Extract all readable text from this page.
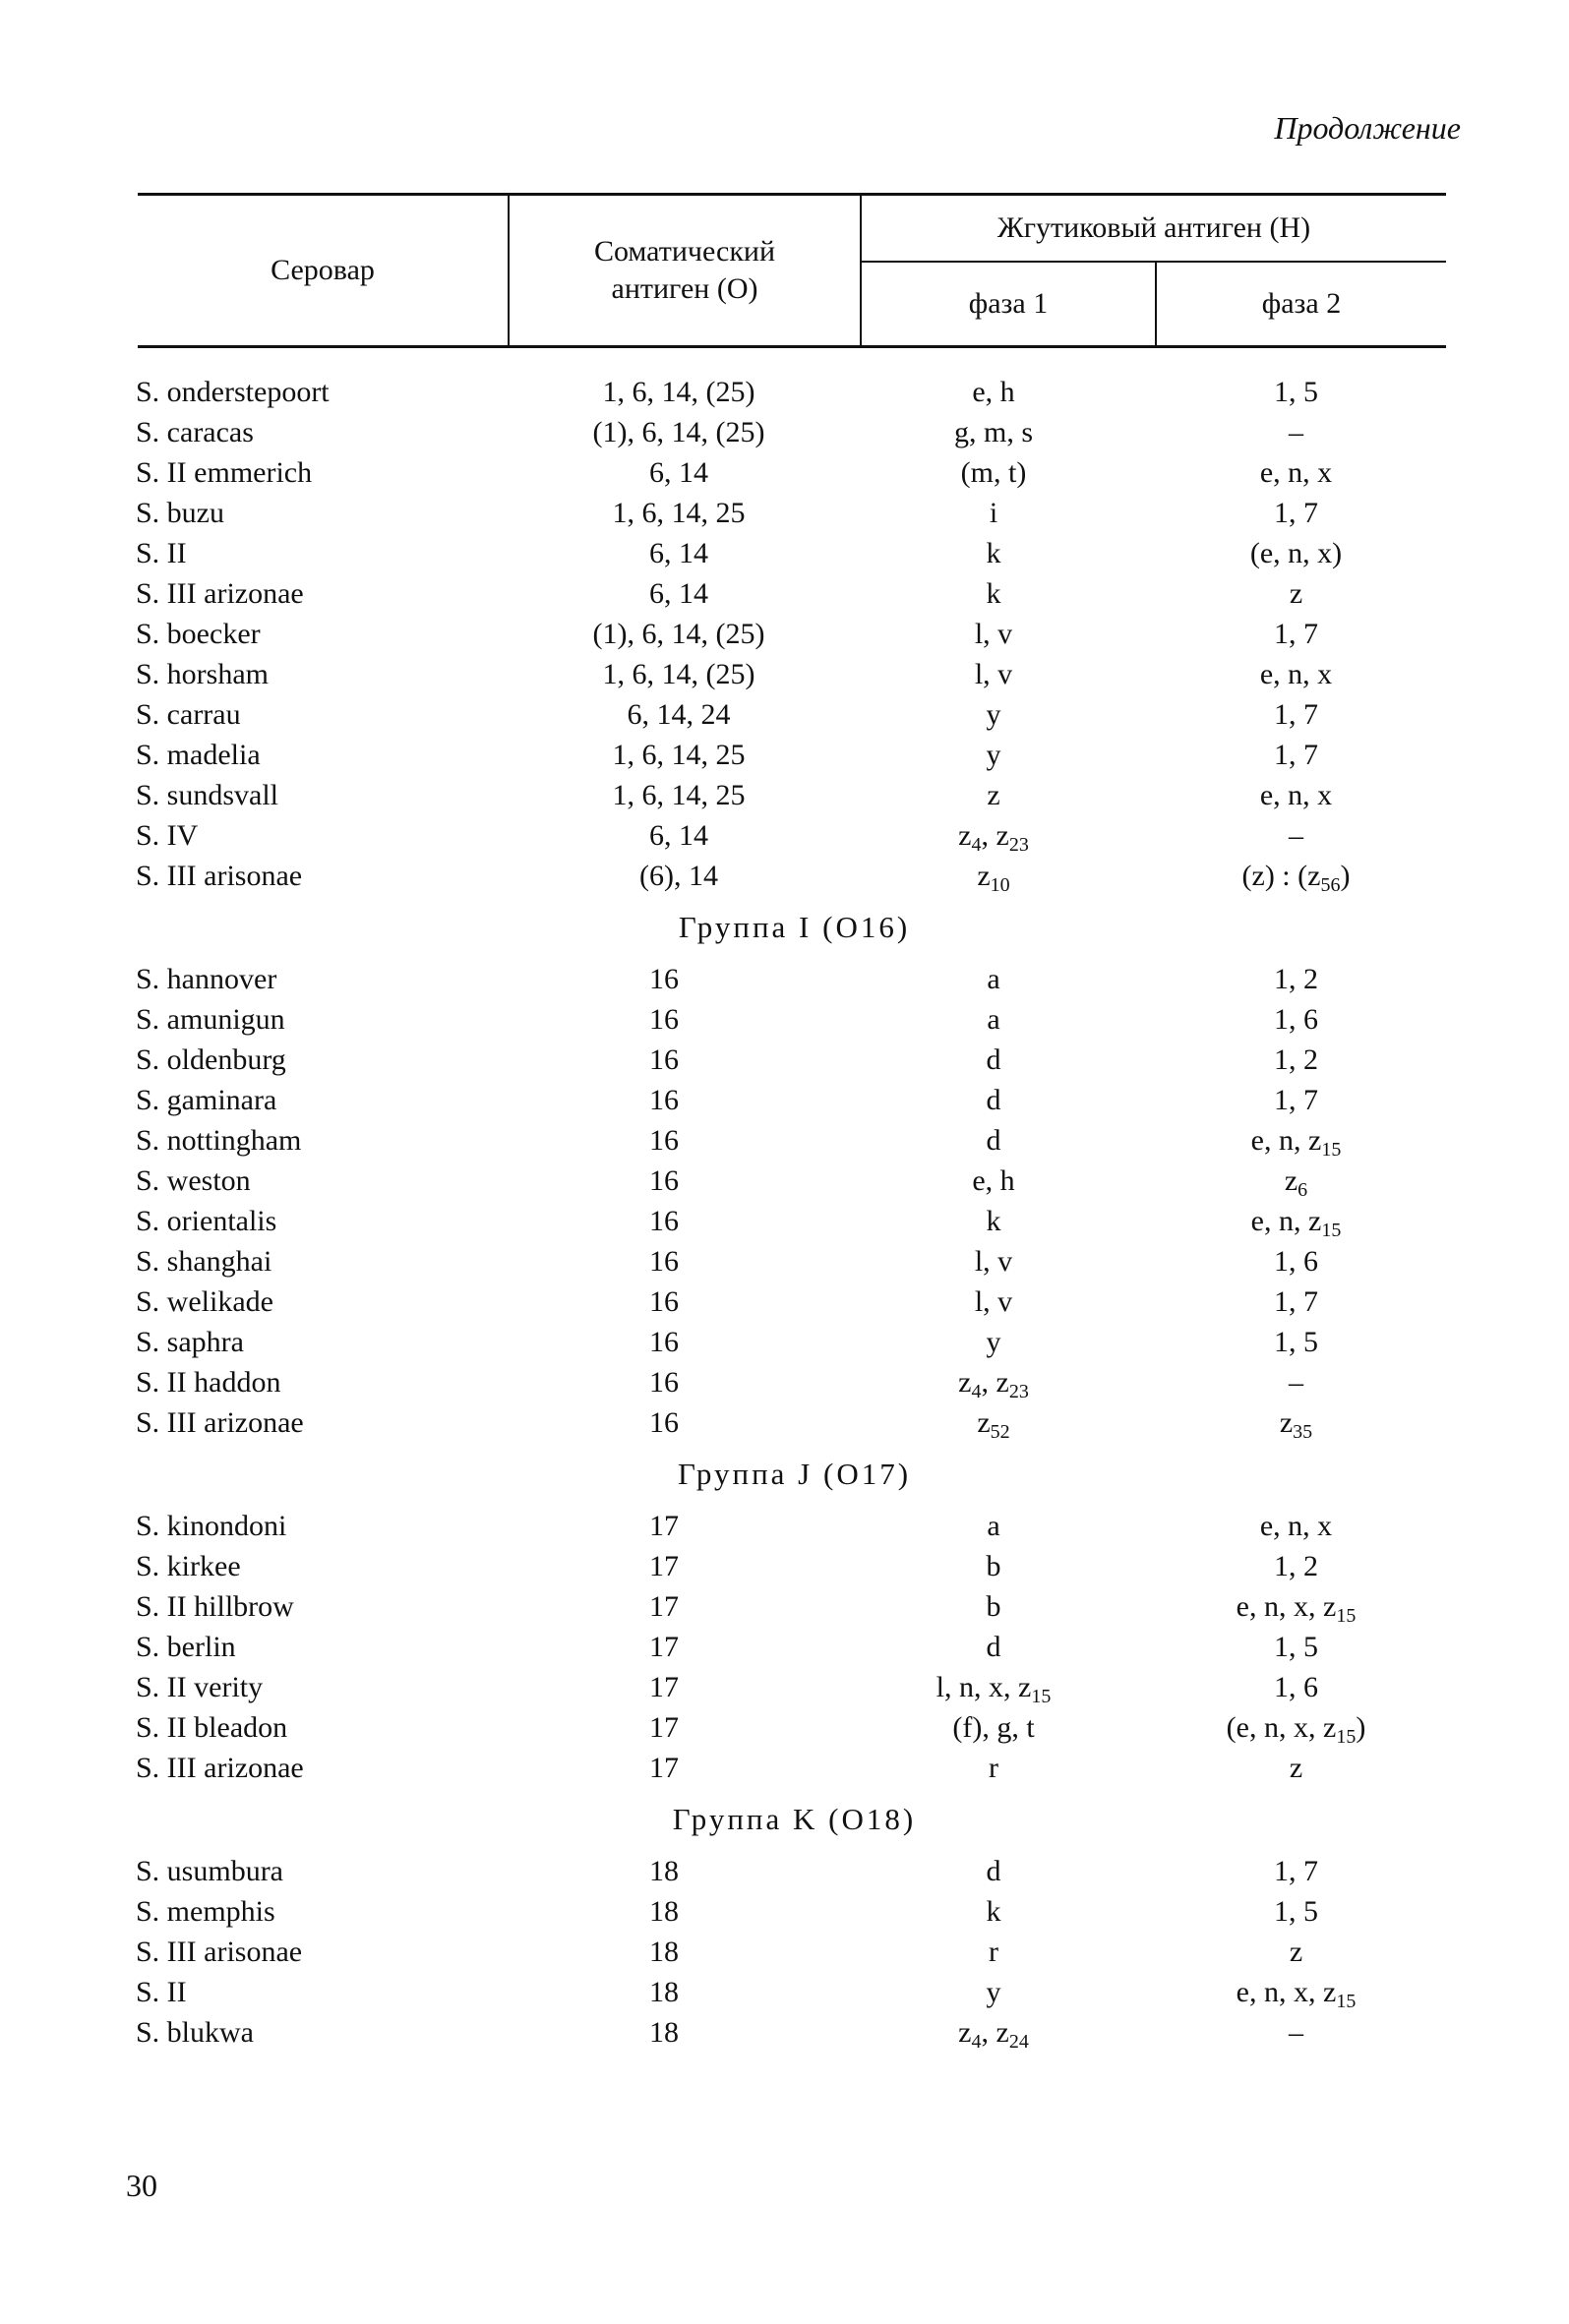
Продолжение
Серовар
Соматический
антиген (O)
Жгутиковый антиген (H)
фаза 1	фаза 2
S. onderstepoort	1, 6, 14, (25)	e, h	1, 5
S. caracas	(1), 6, 14, (25)	g, m, s	–
S. II emmerich	6, 14	(m, t)	e, n, x
S. buzu	1, 6, 14, 25	i	1, 7
S. II	6, 14	k	(e, n, x)
S. III arizonae	6, 14	k	z
S. boecker	(1), 6, 14, (25)	l, v	1, 7
S. horsham	1, 6, 14, (25)	l, v	e, n, x
S. carrau	6, 14, 24	y	1, 7
S. madelia	1, 6, 14, 25	y	1, 7
S. sundsvall	1, 6, 14, 25	z	e, n, x
S. IV	6, 14	$z_4$, $z_{23}$	–
S. III arisonae	(6), 14	$z_{10}$	(z) : $(z_{56})$
Группа I (O16)
S. hannover	16	a	1, 2
S. amunigun	16	a	1, 6
S. oldenburg	16	d	1, 2
S. gaminara	16	d	1, 7
S. nottingham	16	d	e, n, $z_{15}$
S. weston	16	e, h	$z_6$
S. orientalis	16	k	e, n, $z_{15}$
S. shanghai	16	l, v	1, 6
S. welikade	16	l, v	1, 7
S. saphra	16	y	1, 5
S. II haddon	16	$z_4$, $z_{23}$	–
S. III arizonae	16	$z_{52}$	$z_{35}$
Группа J (O17)
S. kinondoni	17	a	e, n, x
S. kirkee	17	b	1, 2
S. II hillbrow	17	b	e, n, x, $z_{15}$
S. berlin	17	d	1, 5
S. II verity	17	l, n, x, $z_{15}$	1, 6
S. II bleadon	17	(f), g, t	(e, n, x, $z_{15}$)
S. III arizonae	17	r	z
Группа K (O18)
S. usumbura	18	d	1, 7
S. memphis	18	k	1, 5
S. III arisonae	18	r	z
S. II	18	y	e, n, x, $z_{15}$
S. blukwa	18	$z_4$, $z_{24}$	–
30
